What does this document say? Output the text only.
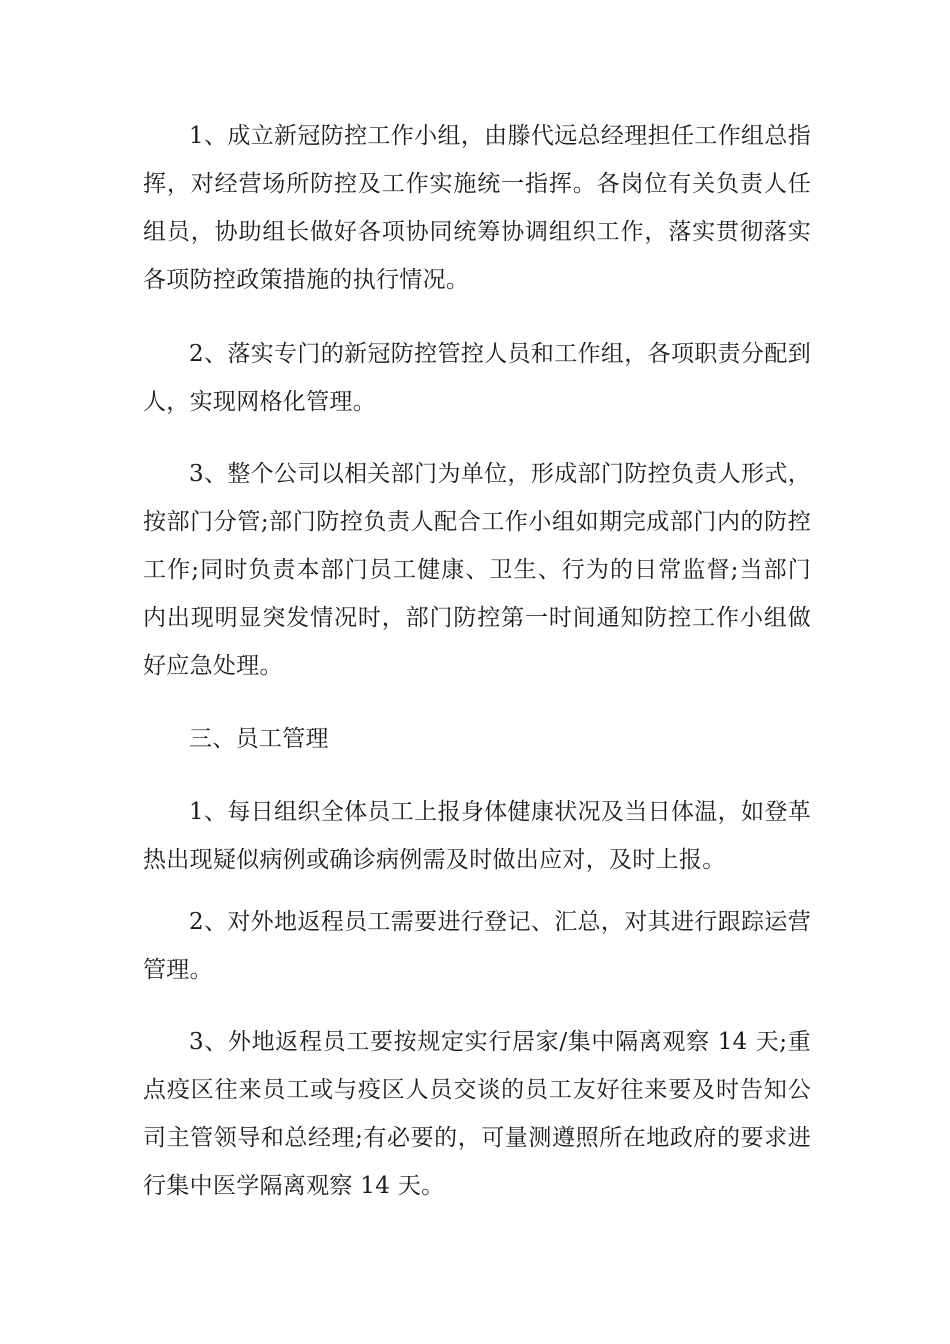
1、成立新冠防控工作小组，由滕代远总经理担任工作组总指挥，对经营场所防控及工作实施统一指挥。各岗位有关负责人任组员，协助组长做好各项协同统筹协调组织工作，落实贯彻落实各项防控政策措施的执行情况。

2、落实专门的新冠防控管控人员和工作组，各项职责分配到人，实现网格化管理。

3、整个公司以相关部门为单位，形成部门防控负责人形式，按部门分管;部门防控负责人配合工作小组如期完成部门内的防控工作;同时负责本部门员工健康、卫生、行为的日常监督;当部门内出现明显突发情况时，部门防控第一时间通知防控工作小组做好应急处理。

三、员工管理

1、每日组织全体员工上报身体健康状况及当日体温，如登革热出现疑似病例或确诊病例需及时做出应对，及时上报。

2、对外地返程员工需要进行登记、汇总，对其进行跟踪运营管理。

3、外地返程员工要按规定实行居家/集中隔离观察 14 天;重点疫区往来员工或与疫区人员交谈的员工友好往来要及时告知公司主管领导和总经理;有必要的，可量测遵照所在地政府的要求进行集中医学隔离观察 14 天。
